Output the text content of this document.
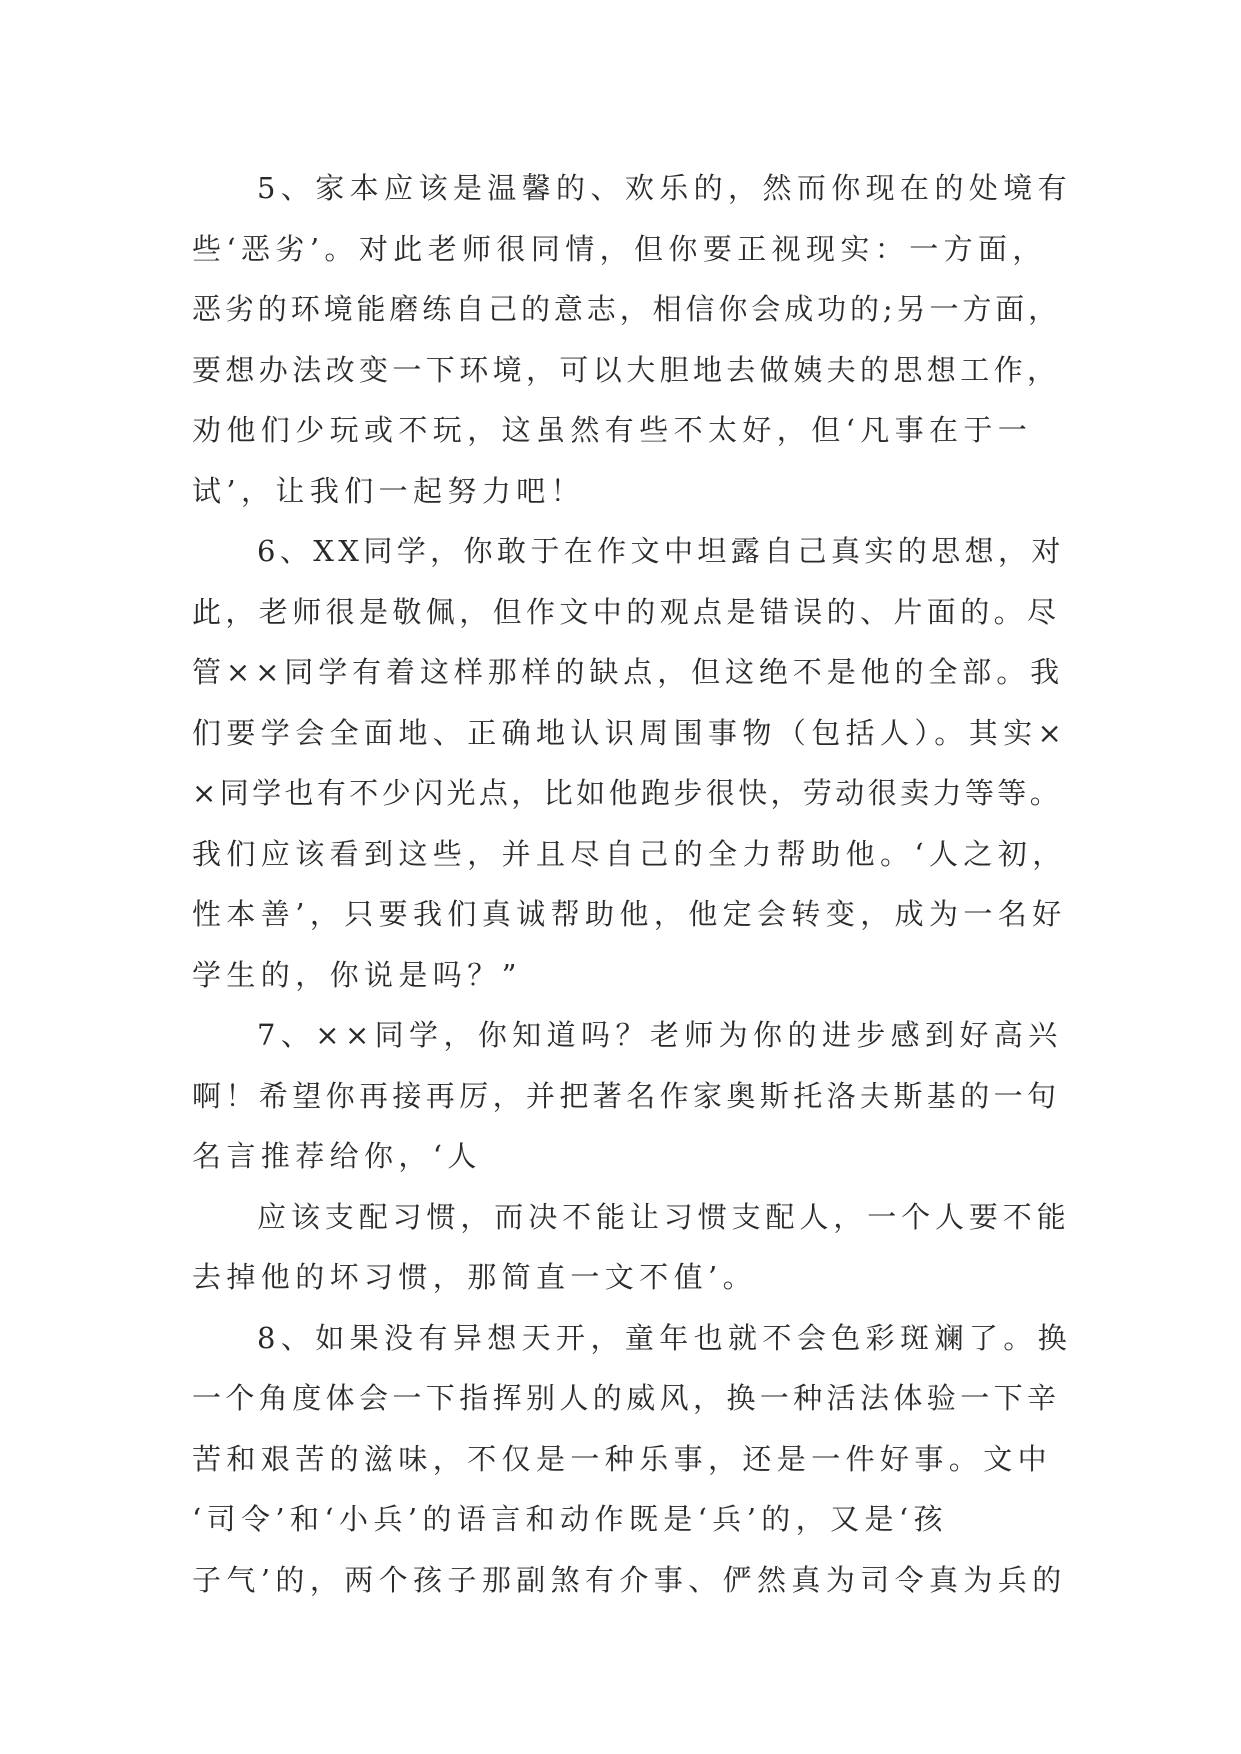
5、家本应该是温馨的、欢乐的，然而你现在的处境有
些‘恶劣’。对此老师很同情，但你要正视现实：一方面，
恶劣的环境能磨练自己的意志，相信你会成功的;另一方面，
要想办法改变一下环境，可以大胆地去做姨夫的思想工作，
劝他们少玩或不玩，这虽然有些不太好，但‘凡事在于一
试’，让我们一起努力吧！
6、XX同学，你敢于在作文中坦露自己真实的思想，对
此，老师很是敬佩，但作文中的观点是错误的、片面的。尽
管××同学有着这样那样的缺点，但这绝不是他的全部。我
们要学会全面地、正确地认识周围事物（包括人）。其实×
×同学也有不少闪光点，比如他跑步很快，劳动很卖力等等。
我们应该看到这些，并且尽自己的全力帮助他。‘人之初，
性本善’，只要我们真诚帮助他，他定会转变，成为一名好
学生的，你说是吗？”
7、××同学，你知道吗？老师为你的进步感到好高兴
啊！希望你再接再厉，并把著名作家奥斯托洛夫斯基的一句
名言推荐给你，‘人
应该支配习惯，而决不能让习惯支配人，一个人要不能
去掉他的坏习惯，那简直一文不值’。
8、如果没有异想天开，童年也就不会色彩斑斓了。换
一个角度体会一下指挥别人的威风，换一种活法体验一下辛
苦和艰苦的滋味，不仅是一种乐事，还是一件好事。文中
‘司令’和‘小兵’的语言和动作既是‘兵’的，又是‘孩
子气’的，两个孩子那副煞有介事、俨然真为司令真为兵的
